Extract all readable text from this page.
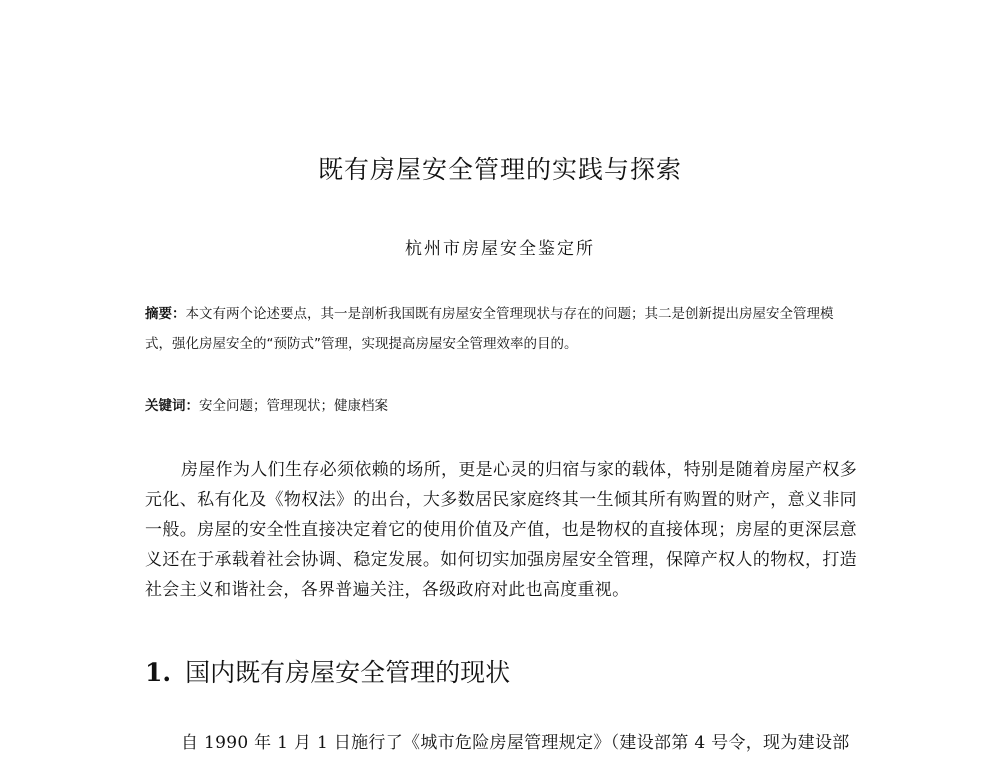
既有房屋安全管理的实践与探索
杭州市房屋安全鉴定所
摘要：本文有两个论述要点，其一是剖析我国既有房屋安全管理现状与存在的问题；其二是创新提出房屋安全管理模式，强化房屋安全的“预防式”管理，实现提高房屋安全管理效率的目的。
关键词：安全问题；管理现状；健康档案
房屋作为人们生存必须依赖的场所，更是心灵的归宿与家的载体，特别是随着房屋产权多元化、私有化及《物权法》的出台，大多数居民家庭终其一生倾其所有购置的财产，意义非同一般。房屋的安全性直接决定着它的使用价值及产值，也是物权的直接体现；房屋的更深层意义还在于承载着社会协调、稳定发展。如何切实加强房屋安全管理，保障产权人的物权，打造社会主义和谐社会，各界普遍关注，各级政府对此也高度重视。
1. 国内既有房屋安全管理的现状
自 1990 年 1 月 1 日施行了《城市危险房屋管理规定》（建设部第 4 号令，现为建设部
